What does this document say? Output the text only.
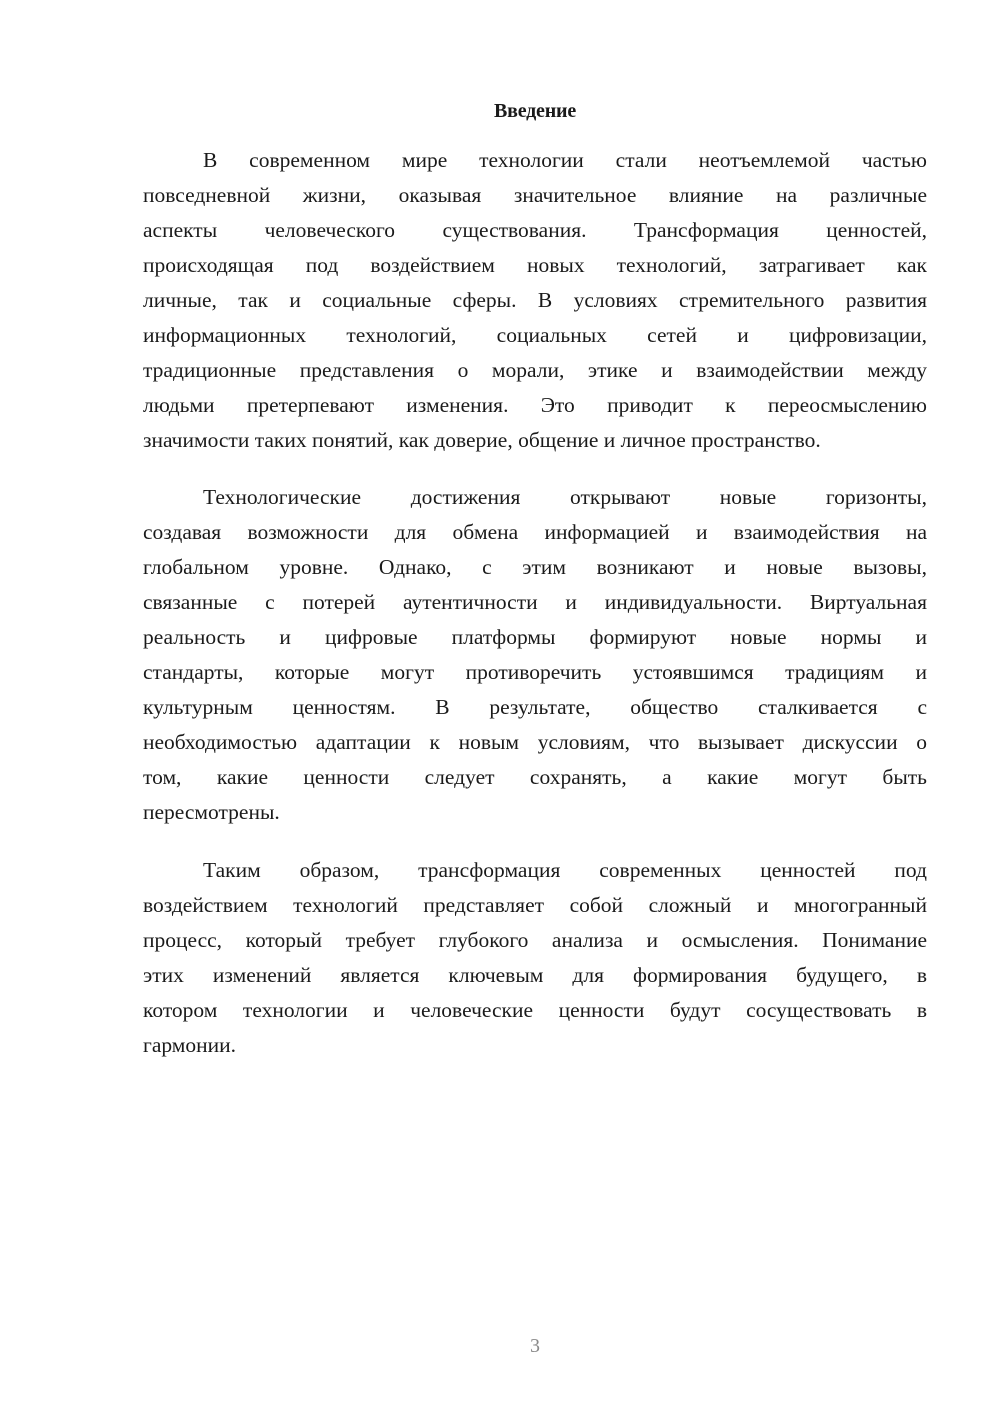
Введение
В современном мире технологии стали неотъемлемой частью
повседневной жизни, оказывая значительное влияние на различные
аспекты человеческого существования. Трансформация ценностей,
происходящая под воздействием новых технологий, затрагивает как
личные, так и социальные сферы. В условиях стремительного развития
информационных технологий, социальных сетей и цифровизации,
традиционные представления о морали, этике и взаимодействии между
людьми претерпевают изменения. Это приводит к переосмыслению
значимости таких понятий, как доверие, общение и личное пространство.
Технологические достижения открывают новые горизонты,
создавая возможности для обмена информацией и взаимодействия на
глобальном уровне. Однако, с этим возникают и новые вызовы,
связанные с потерей аутентичности и индивидуальности. Виртуальная
реальность и цифровые платформы формируют новые нормы и
стандарты, которые могут противоречить устоявшимся традициям и
культурным ценностям. В результате, общество сталкивается с
необходимостью адаптации к новым условиям, что вызывает дискуссии о
том, какие ценности следует сохранять, а какие могут быть
пересмотрены.
Таким образом, трансформация современных ценностей под
воздействием технологий представляет собой сложный и многогранный
процесс, который требует глубокого анализа и осмысления. Понимание
этих изменений является ключевым для формирования будущего, в
котором технологии и человеческие ценности будут сосуществовать в
гармонии.
3
